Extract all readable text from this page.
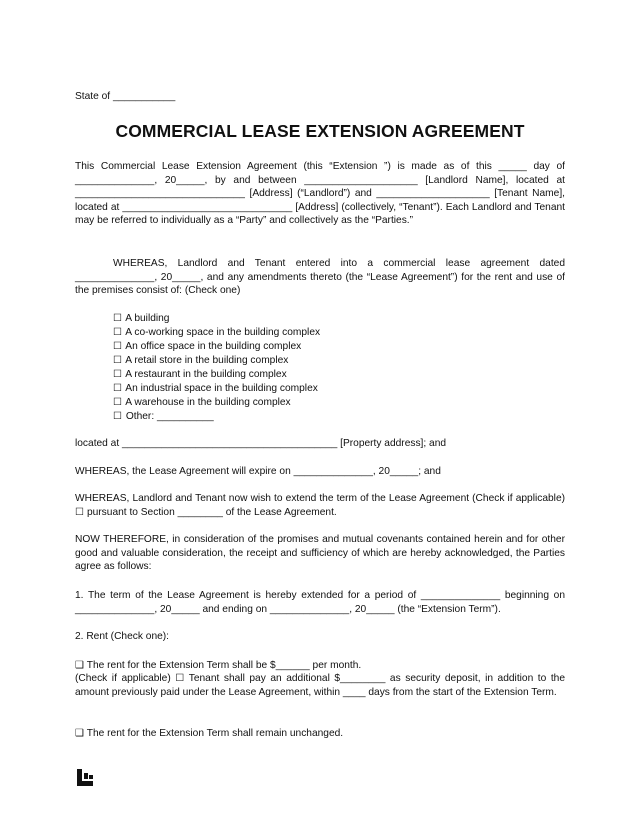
State of ___________
COMMERCIAL LEASE EXTENSION AGREEMENT
This Commercial Lease Extension Agreement (this “Extension ”) is made as of this _____ day of ______________, 20_____, by and between ____________________ [Landlord Name], located at ______________________________ [Address] (“Landlord”) and ____________________ [Tenant Name], located at ______________________________ [Address] (collectively, “Tenant”). Each Landlord and Tenant may be referred to individually as a “Party” and collectively as the “Parties.”
WHEREAS, Landlord and Tenant entered into a commercial lease agreement dated ______________, 20_____, and any amendments thereto (the “Lease Agreement”) for the rent and use of the premises consist of: (Check one)
☐ A building
☐ A co-working space in the building complex
☐ An office space in the building complex
☐ A retail store in the building complex
☐ A restaurant in the building complex
☐ An industrial space in the building complex
☐ A warehouse in the building complex
☐ Other: __________
located at ______________________________________ [Property address]; and
WHEREAS, the Lease Agreement will expire on ______________, 20_____; and
WHEREAS, Landlord and Tenant now wish to extend the term of the Lease Agreement (Check if applicable) ☐ pursuant to Section ________ of the Lease Agreement.
NOW THEREFORE, in consideration of the promises and mutual covenants contained herein and for other good and valuable consideration, the receipt and sufficiency of which are hereby acknowledged, the Parties agree as follows:
1. The term of the Lease Agreement is hereby extended for a period of ______________ beginning on ______________, 20_____ and ending on ______________, 20_____ (the “Extension Term”).
2. Rent (Check one):
❑ The rent for the Extension Term shall be $______ per month.
(Check if applicable) ☐ Tenant shall pay an additional $________ as security deposit, in addition to the amount previously paid under the Lease Agreement, within ____ days from the start of the Extension Term.
❑ The rent for the Extension Term shall remain unchanged.
